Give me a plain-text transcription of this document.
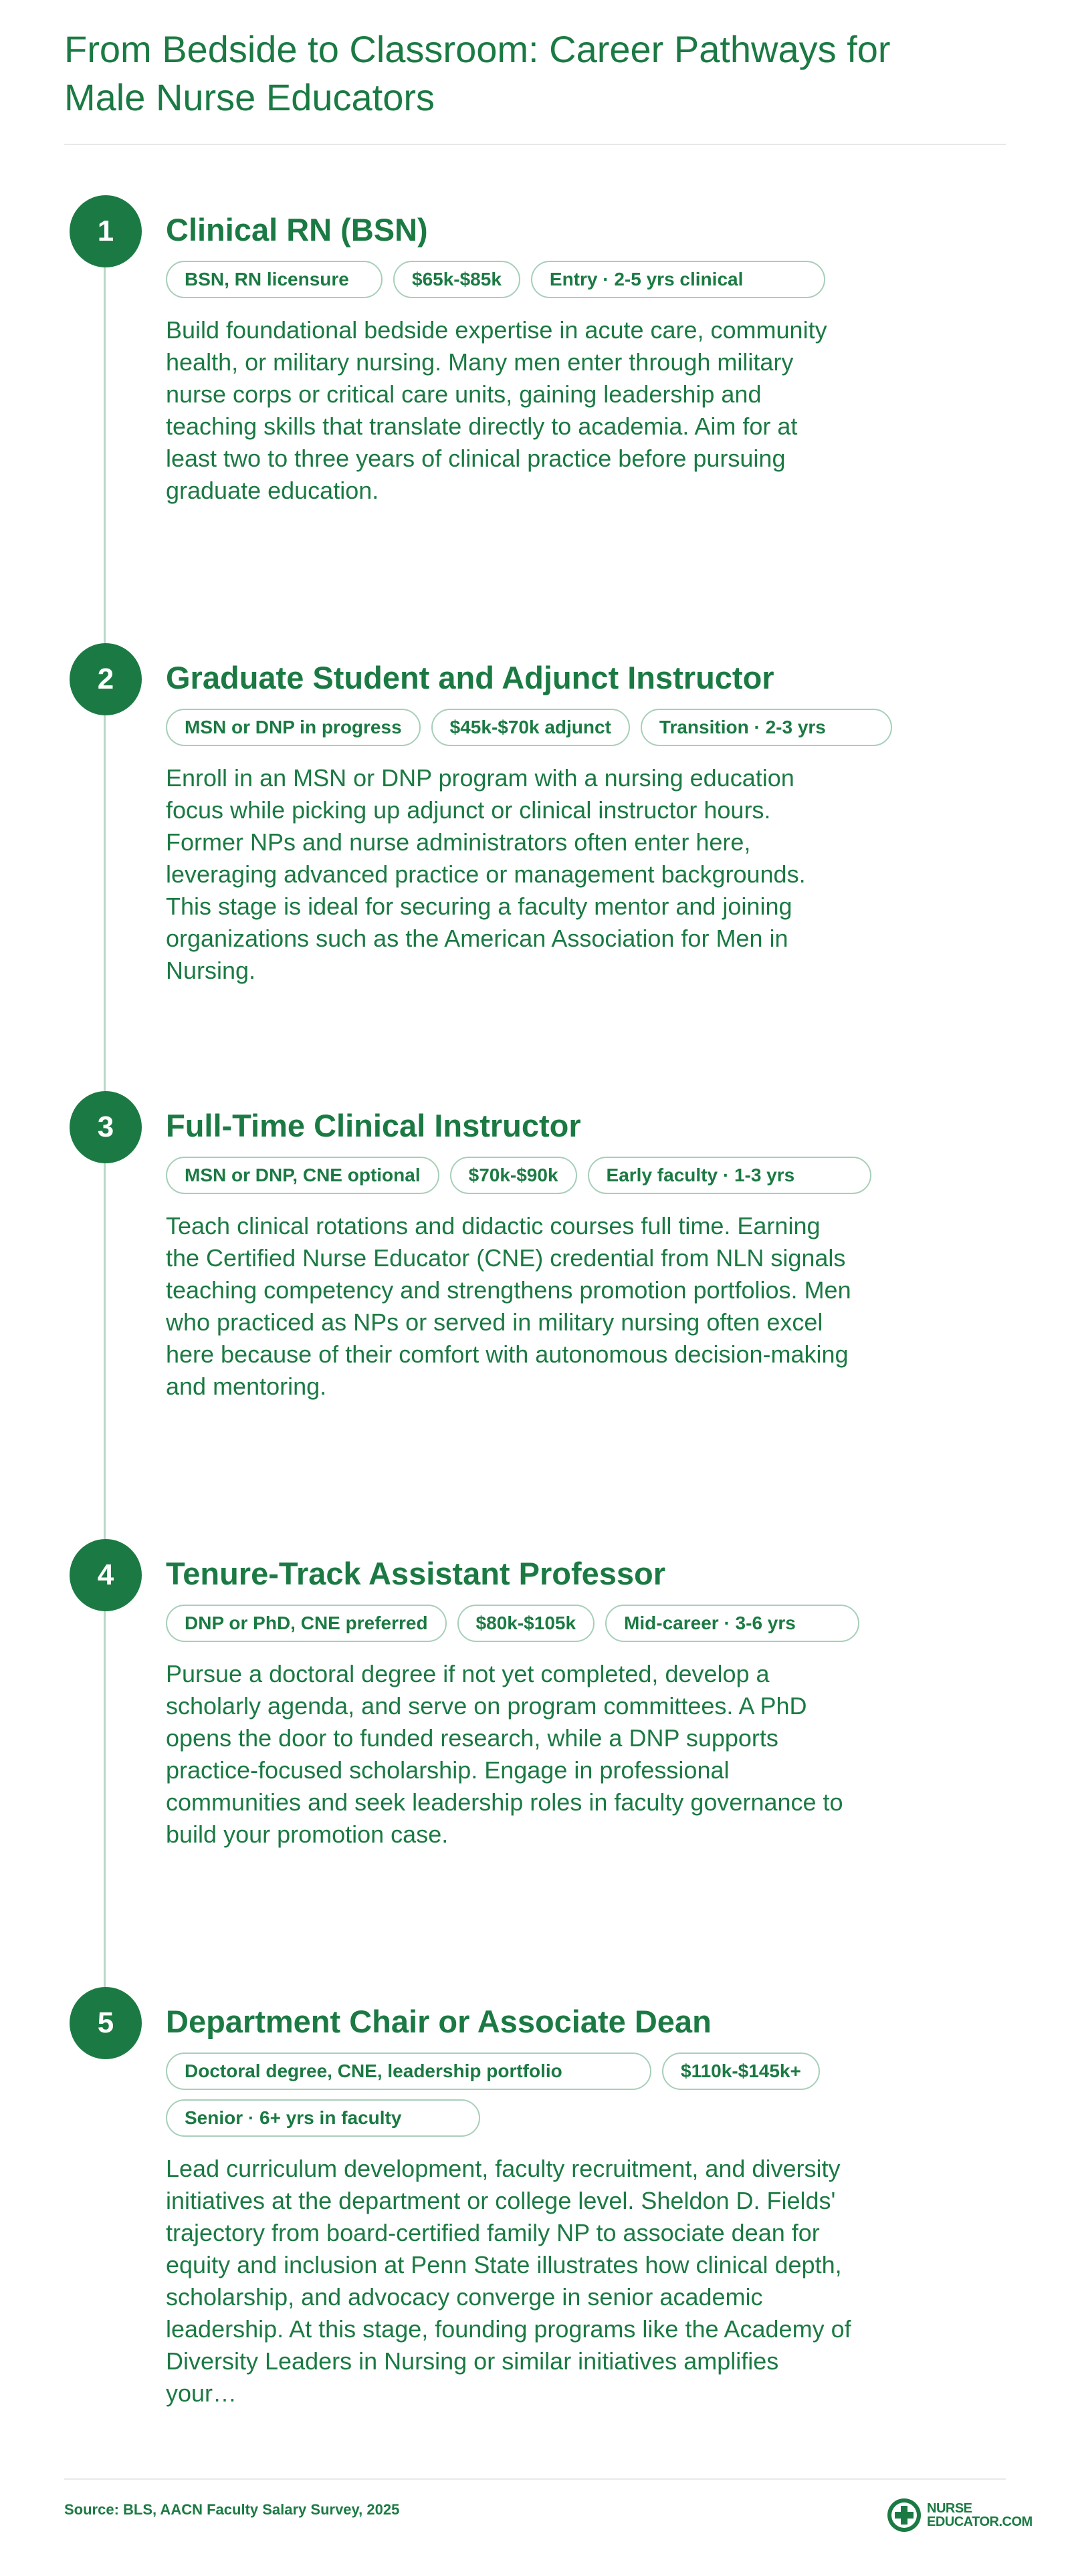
From Bedside to Classroom: Career Pathways for Male Nurse Educators
1	Clinical RN (BSN)
BSN, RN licensure	$65k-$85k	Entry · 2-5 yrs clinical
Build foundational bedside expertise in acute care, community health, or military nursing. Many men enter through military nurse corps or critical care units, gaining leadership and teaching skills that translate directly to academia. Aim for at least two to three years of clinical practice before pursuing graduate education.
2	Graduate Student and Adjunct Instructor
MSN or DNP in progress	$45k-$70k adjunct	Transition · 2-3 yrs
Enroll in an MSN or DNP program with a nursing education focus while picking up adjunct or clinical instructor hours. Former NPs and nurse administrators often enter here, leveraging advanced practice or management backgrounds. This stage is ideal for securing a faculty mentor and joining organizations such as the American Association for Men in Nursing.
3	Full-Time Clinical Instructor
MSN or DNP, CNE optional	$70k-$90k	Early faculty · 1-3 yrs
Teach clinical rotations and didactic courses full time. Earning the Certified Nurse Educator (CNE) credential from NLN signals teaching competency and strengthens promotion portfolios. Men who practiced as NPs or served in military nursing often excel here because of their comfort with autonomous decision-making and mentoring.
4	Tenure-Track Assistant Professor
DNP or PhD, CNE preferred	$80k-$105k	Mid-career · 3-6 yrs
Pursue a doctoral degree if not yet completed, develop a scholarly agenda, and serve on program committees. A PhD opens the door to funded research, while a DNP supports practice-focused scholarship. Engage in professional communities and seek leadership roles in faculty governance to build your promotion case.
5	Department Chair or Associate Dean
Doctoral degree, CNE, leadership portfolio	$110k-$145k+
Senior · 6+ yrs in faculty
Lead curriculum development, faculty recruitment, and diversity initiatives at the department or college level. Sheldon D. Fields' trajectory from board-certified family NP to associate dean for equity and inclusion at Penn State illustrates how clinical depth, scholarship, and advocacy converge in senior academic leadership. At this stage, founding programs like the Academy of Diversity Leaders in Nursing or similar initiatives amplifies your…
Source: BLS, AACN Faculty Salary Survey, 2025	NURSE
EDUCATOR.COM
